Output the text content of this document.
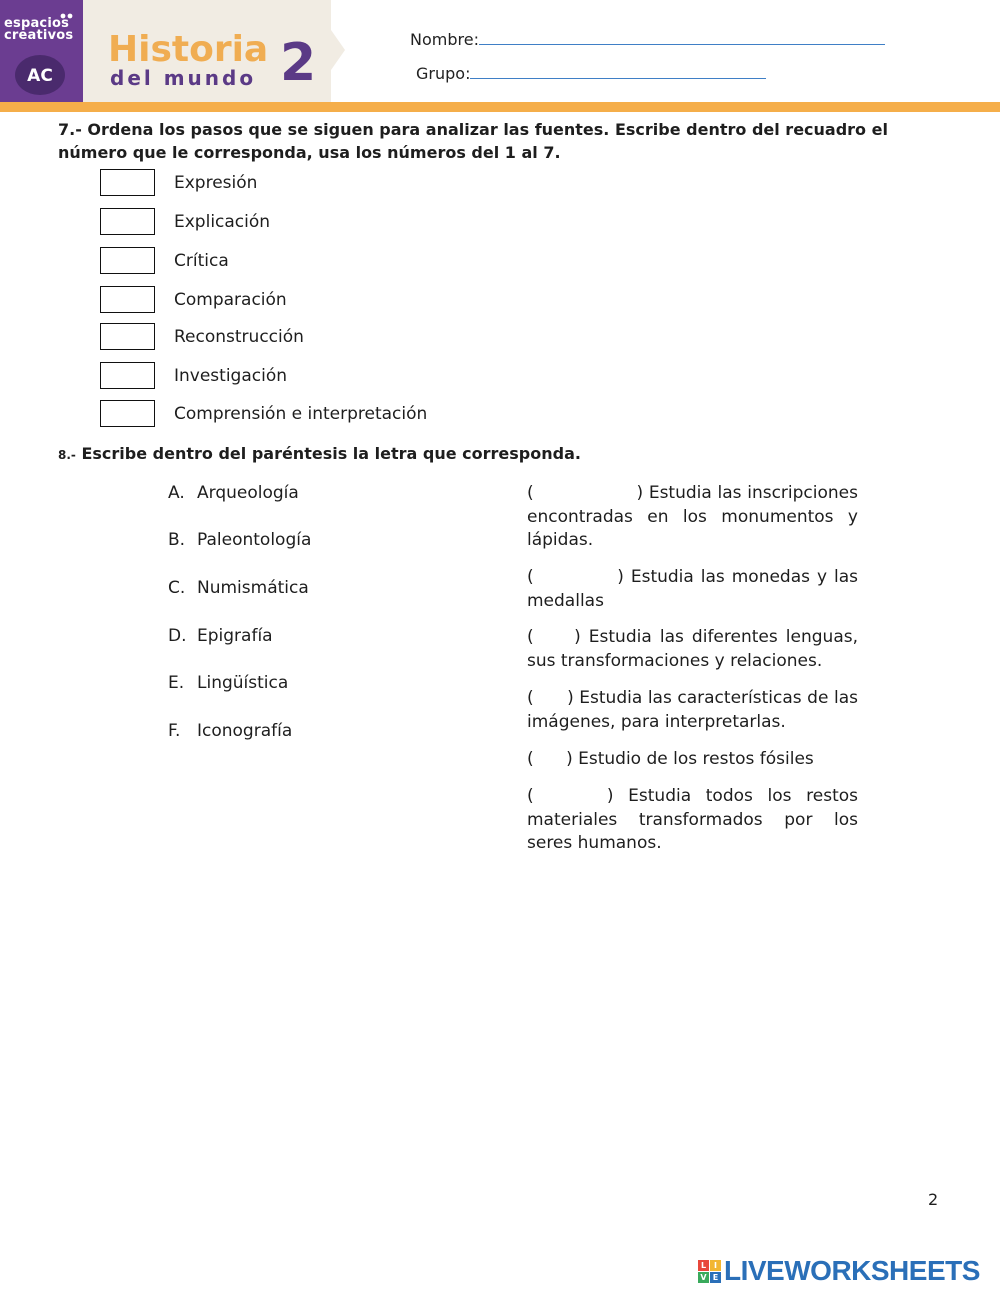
espacios
creativos
AC
Historia
del mundo 2	Nombre:
Grupo:
7.- Ordena los pasos que se siguen para analizar las fuentes. Escribe dentro del recuadro el número que le corresponda, usa los números del 1 al 7.
Expresión
Explicación
Crítica
Comparación
Reconstrucción
Investigación
Comprensión e interpretación
8.- Escribe dentro del paréntesis la letra que corresponda.
A. Arqueología
B. Paleontología
C. Numismática
D. Epigrafía
E. Lingüística
F. Iconografía
(	) Estudia las inscripciones encontradas en los monumentos y lápidas.
(	) Estudia las monedas y las medallas
( ) Estudia las diferentes lenguas, sus transformaciones y relaciones.
( ) Estudia las características de las imágenes, para interpretarlas.
( ) Estudio de los restos fósiles
(	) Estudia todos los restos materiales transformados por los seres humanos.
2
L I
V E LIVEWORKSHEETS
